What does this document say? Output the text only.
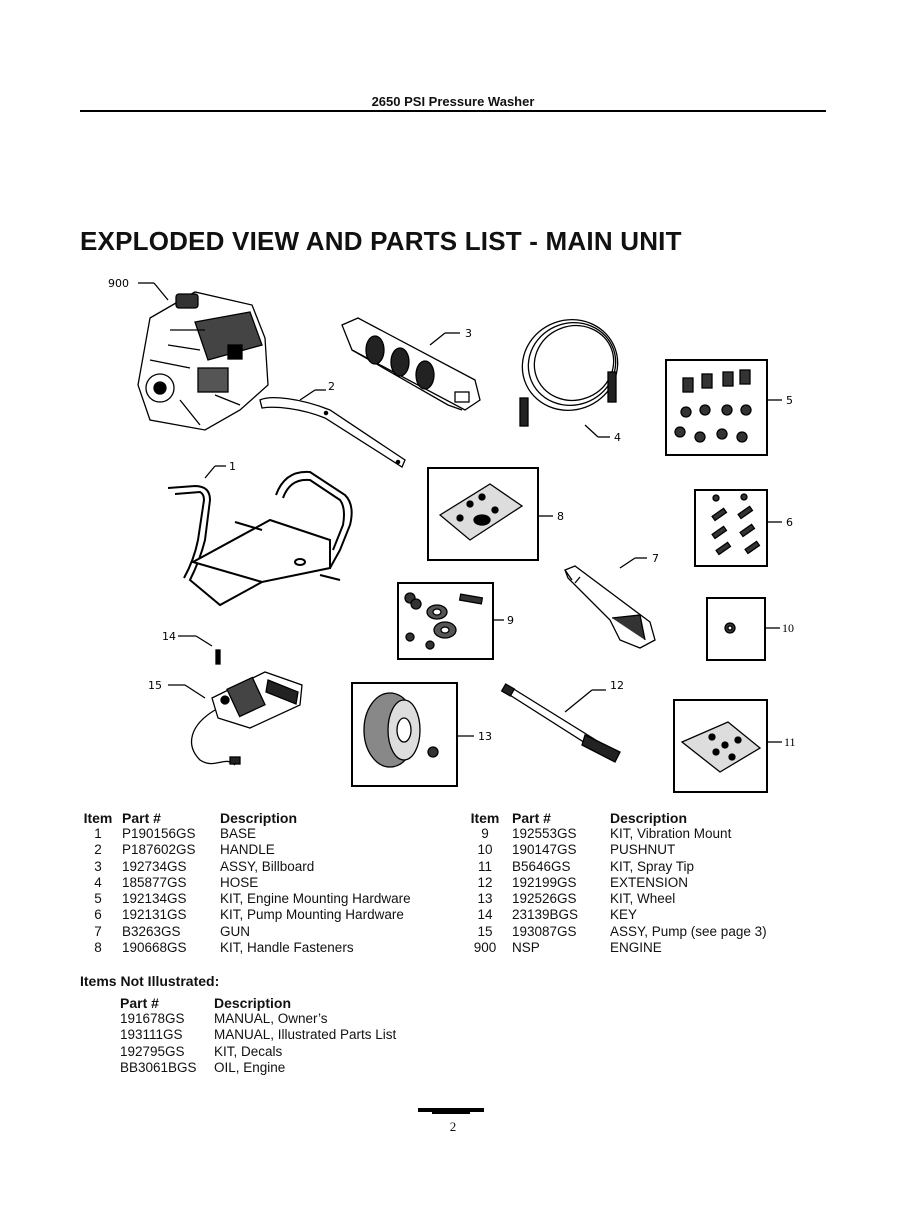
2650 PSI Pressure Washer
EXPLODED VIEW AND PARTS LIST - MAIN UNIT
900
2
3
4
5
1
8	6
7
9
10
14
15
13
12
11
Item	Part #	Description
1	P190156GS	BASE
2	P187602GS	HANDLE
3	192734GS	ASSY, Billboard
4	185877GS	HOSE
5	192134GS	KIT, Engine Mounting Hardware
6	192131GS	KIT, Pump Mounting Hardware
7	B3263GS	GUN
8	190668GS	KIT, Handle Fasteners
Item	Part #	Description
9	192553GS	KIT, Vibration Mount
10	190147GS	PUSHNUT
11	B5646GS	KIT, Spray Tip
12	192199GS	EXTENSION
13	192526GS	KIT, Wheel
14	23139BGS	KEY
15	193087GS	ASSY, Pump (see page 3)
900	NSP	ENGINE
Items Not Illustrated:
Part #	Description
191678GS	MANUAL, Owner’s
193111GS	MANUAL, Illustrated Parts List
192795GS	KIT, Decals
BB3061BGS	OIL, Engine
2
